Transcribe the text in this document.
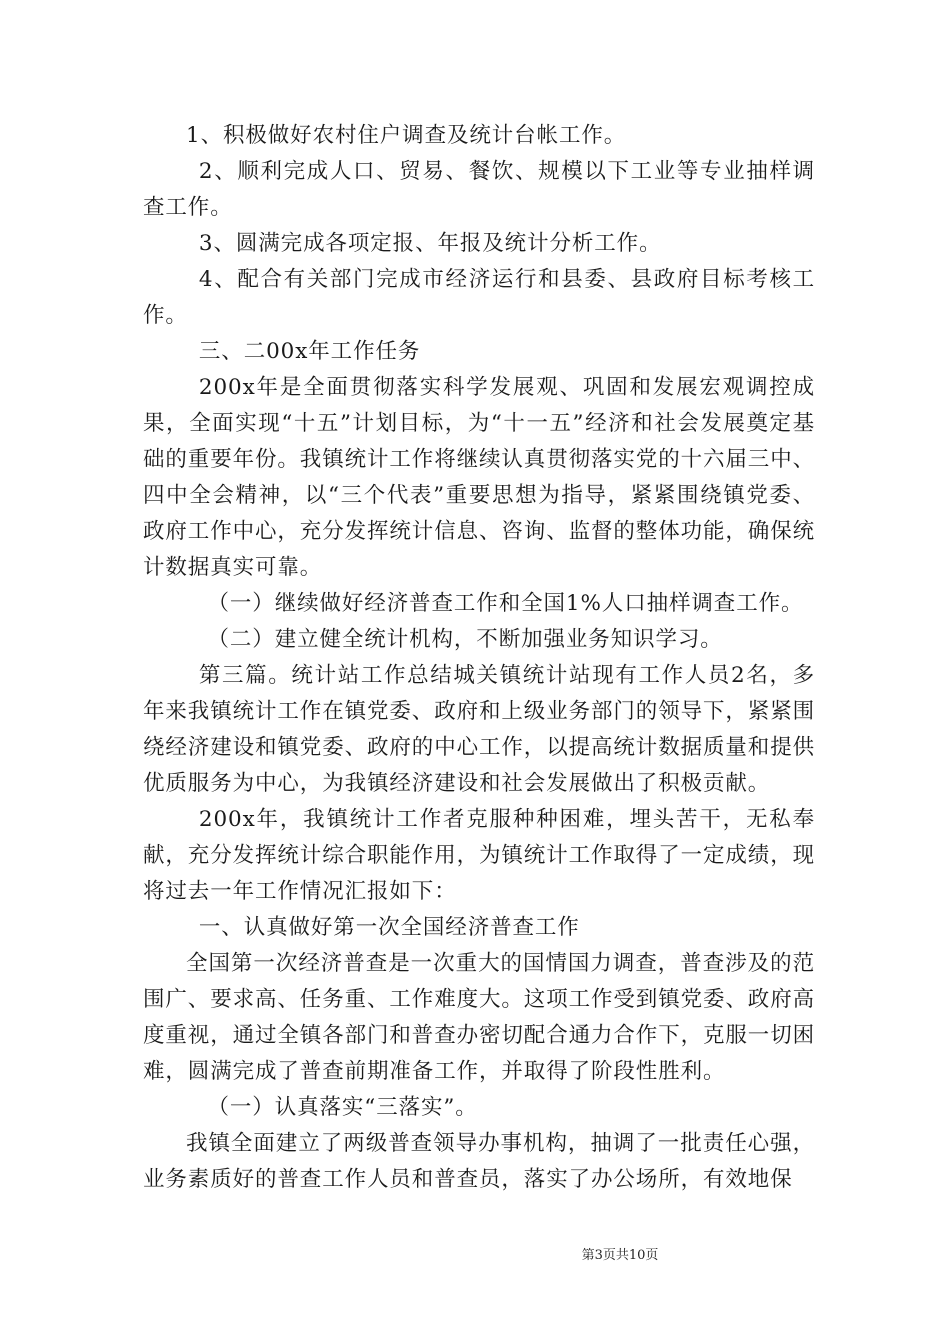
1、积极做好农村住户调查及统计台帐工作。

2、顺利完成人口、贸易、餐饮、规模以下工业等专业抽样调查工作。

3、圆满完成各项定报、年报及统计分析工作。

4、配合有关部门完成市经济运行和县委、县政府目标考核工作。

三、二00x年工作任务

200x年是全面贯彻落实科学发展观、巩固和发展宏观调控成果，全面实现“十五”计划目标，为“十一五”经济和社会发展奠定基础的重要年份。我镇统计工作将继续认真贯彻落实党的十六届三中、四中全会精神，以“三个代表”重要思想为指导，紧紧围绕镇党委、政府工作中心，充分发挥统计信息、咨询、监督的整体功能，确保统计数据真实可靠。

（一）继续做好经济普查工作和全国1%人口抽样调查工作。

（二）建立健全统计机构，不断加强业务知识学习。

第三篇。统计站工作总结城关镇统计站现有工作人员2名，多年来我镇统计工作在镇党委、政府和上级业务部门的领导下，紧紧围绕经济建设和镇党委、政府的中心工作，以提高统计数据质量和提供优质服务为中心，为我镇经济建设和社会发展做出了积极贡献。

200x年，我镇统计工作者克服种种困难，埋头苦干，无私奉献，充分发挥统计综合职能作用，为镇统计工作取得了一定成绩，现将过去一年工作情况汇报如下：

一、认真做好第一次全国经济普查工作

全国第一次经济普查是一次重大的国情国力调查，普查涉及的范围广、要求高、任务重、工作难度大。这项工作受到镇党委、政府高度重视，通过全镇各部门和普查办密切配合通力合作下，克服一切困难，圆满完成了普查前期准备工作，并取得了阶段性胜利。

（一）认真落实“三落实”。

我镇全面建立了两级普查领导办事机构，抽调了一批责任心强，业务素质好的普查工作人员和普查员，落实了办公场所，有效地保

第3页共10页
